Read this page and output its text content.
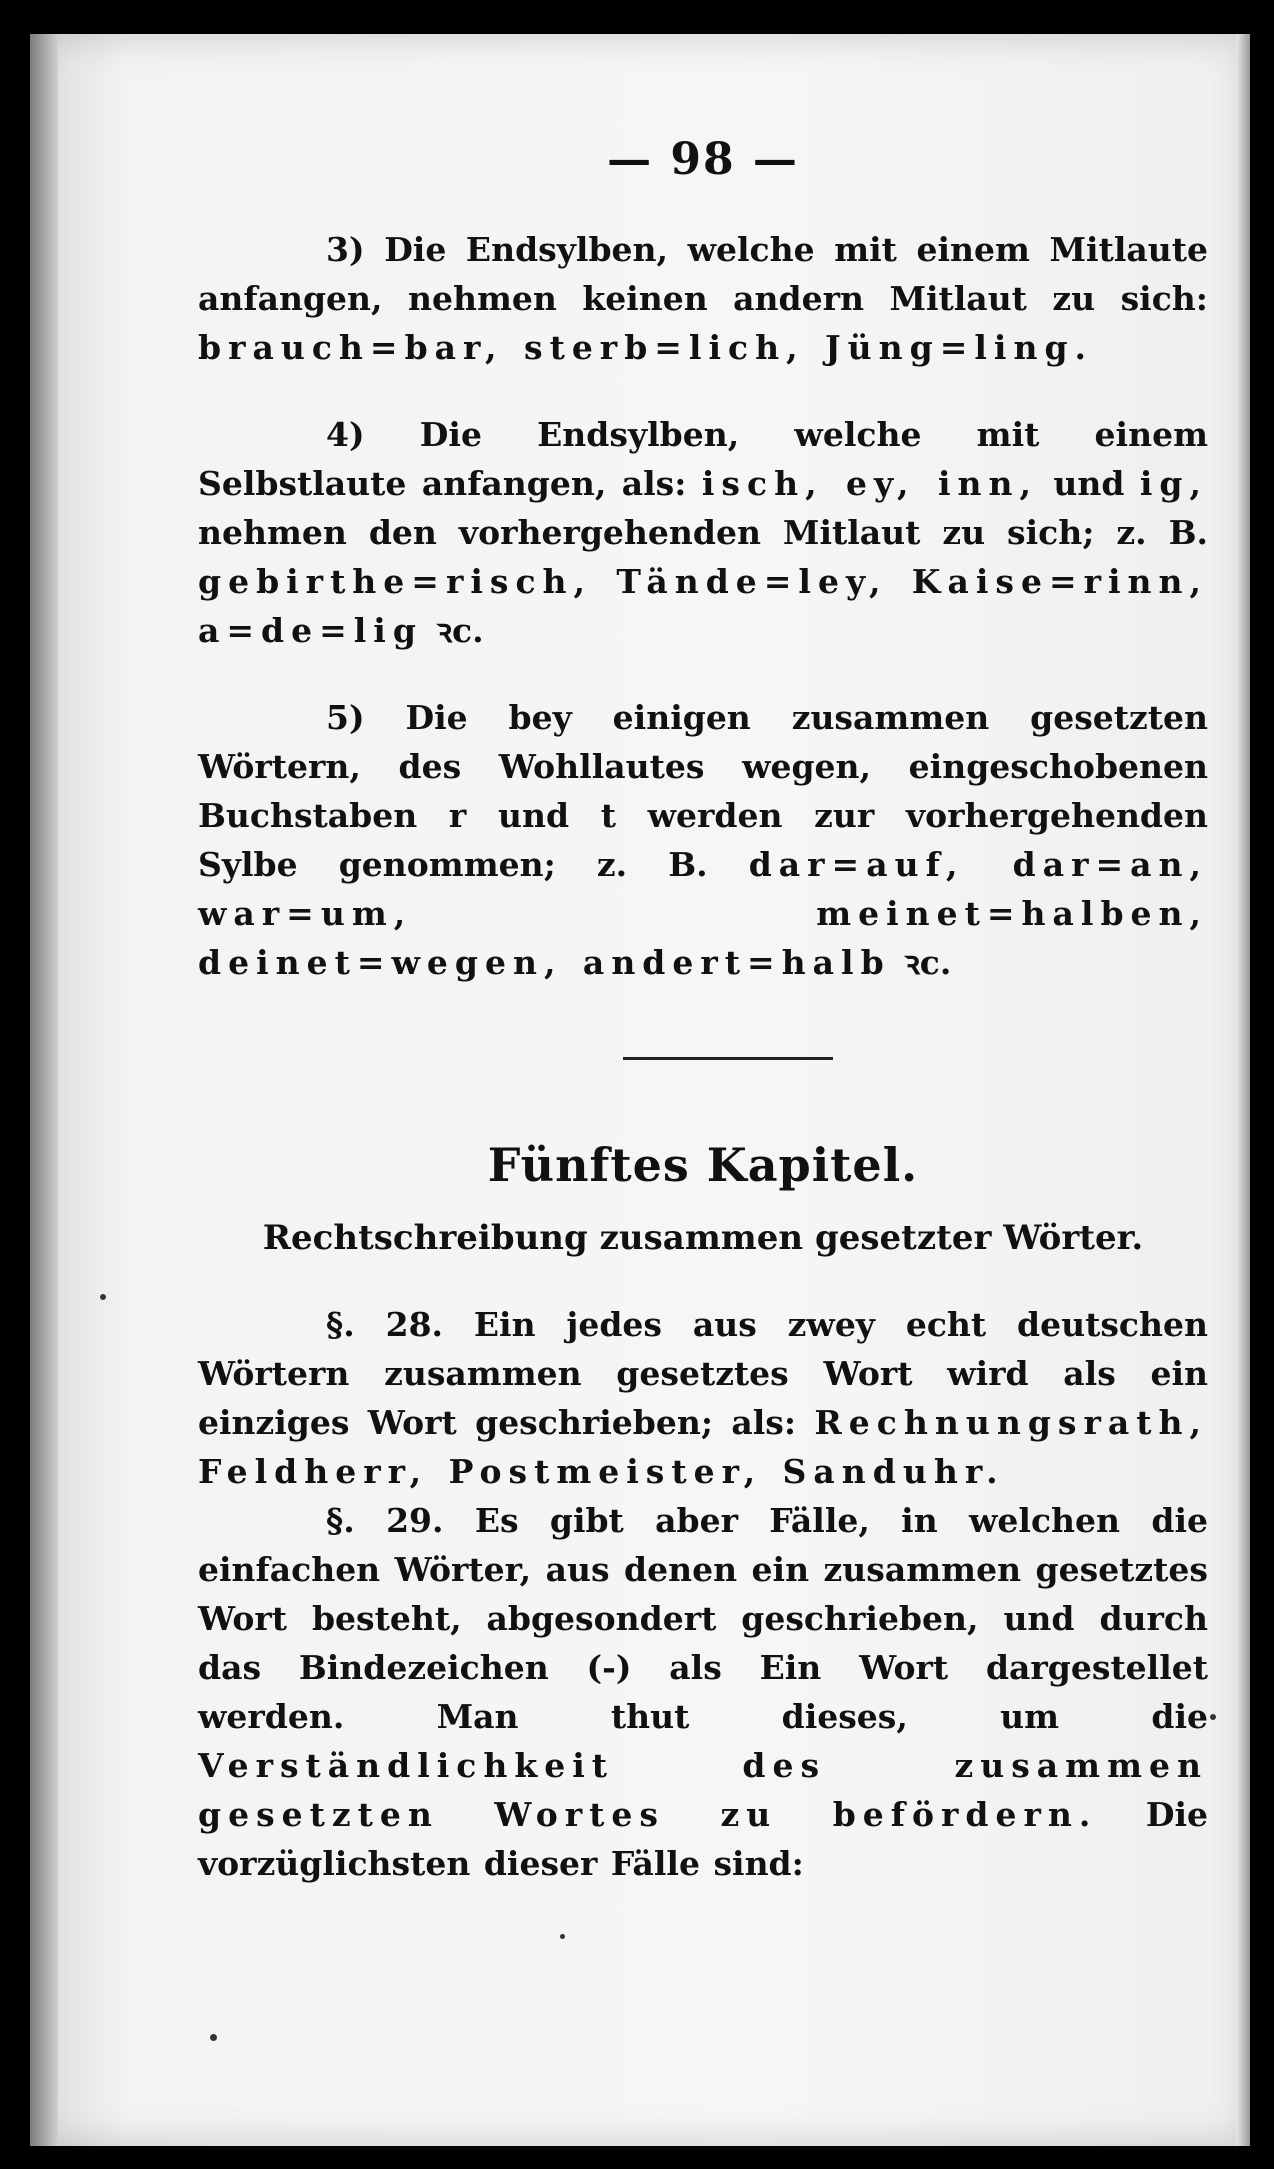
— 98 —

3) Die Endsylben, welche mit einem Mitlaute anfangen, nehmen keinen andern Mitlaut zu sich: brauch=bar, sterb=lich, Jüng=ling.

4) Die Endsylben, welche mit einem Selbstlaute anfangen, als: isch, ey, inn, und ig, nehmen den vorhergehenden Mitlaut zu sich; z. B. gebirthe=risch, Tände=ley, Kaise=rinn, a=de=lig ꝛc.

5) Die bey einigen zusammen gesetzten Wörtern, des Wohllautes wegen, eingeschobenen Buchstaben r und t werden zur vorhergehenden Sylbe genommen; z. B. dar=auf, dar=an, war=um, meinet=halben, deinet=wegen, andert=halb ꝛc.

Fünftes Kapitel.
Rechtschreibung zusammen gesetzter Wörter.

§. 28. Ein jedes aus zwey echt deutschen Wörtern zusammen gesetztes Wort wird als ein einziges Wort geschrieben; als: Rechnungsrath, Feldherr, Postmeister, Sanduhr.

§. 29. Es gibt aber Fälle, in welchen die einfachen Wörter, aus denen ein zusammen gesetztes Wort besteht, abgesondert geschrieben, und durch das Bindezeichen (-) als Ein Wort dargestellet werden. Man thut dieses, um die Verständlichkeit des zusammen gesetzten Wortes zu befördern. Die vorzüglichsten dieser Fälle sind:
